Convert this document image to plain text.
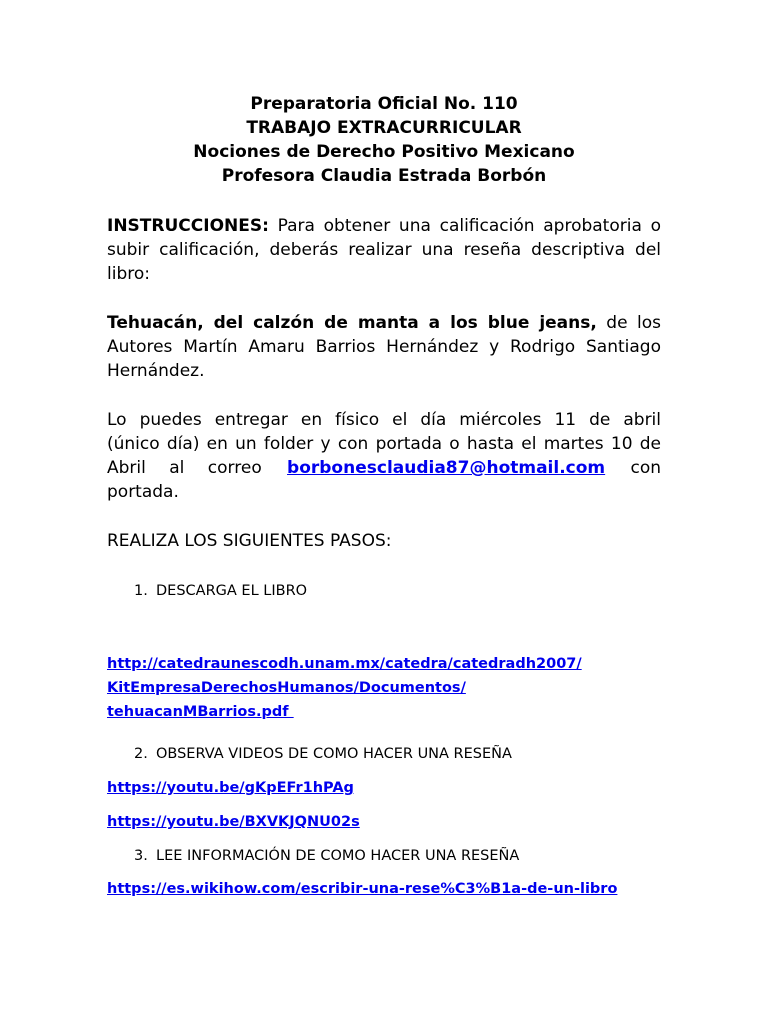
Preparatoria Oficial No. 110
TRABAJO EXTRACURRICULAR
Nociones de Derecho Positivo Mexicano
Profesora Claudia Estrada Borbón
INSTRUCCIONES: Para obtener una calificación aprobatoria o
subir calificación, deberás realizar una reseña descriptiva del
libro:
Tehuacán, del calzón de manta a los blue jeans, de los
Autores Martín Amaru Barrios Hernández y Rodrigo Santiago
Hernández.
Lo puedes entregar en físico el día miércoles 11 de abril
(único día) en un folder y con portada o hasta el martes 10 de
Abril al correo borbonesclaudia87@hotmail.com con
portada.
REALIZA LOS SIGUIENTES PASOS:
1. DESCARGA EL LIBRO
http://catedraunescodh.unam.mx/catedra/catedradh2007/
KitEmpresaDerechosHumanos/Documentos/
tehuacanMBarrios.pdf
2. OBSERVA VIDEOS DE COMO HACER UNA RESEÑA
https://youtu.be/gKpEFr1hPAg
https://youtu.be/BXVKJQNU02s
3. LEE INFORMACIÓN DE COMO HACER UNA RESEÑA
https://es.wikihow.com/escribir-una-rese%C3%B1a-de-un-libro
